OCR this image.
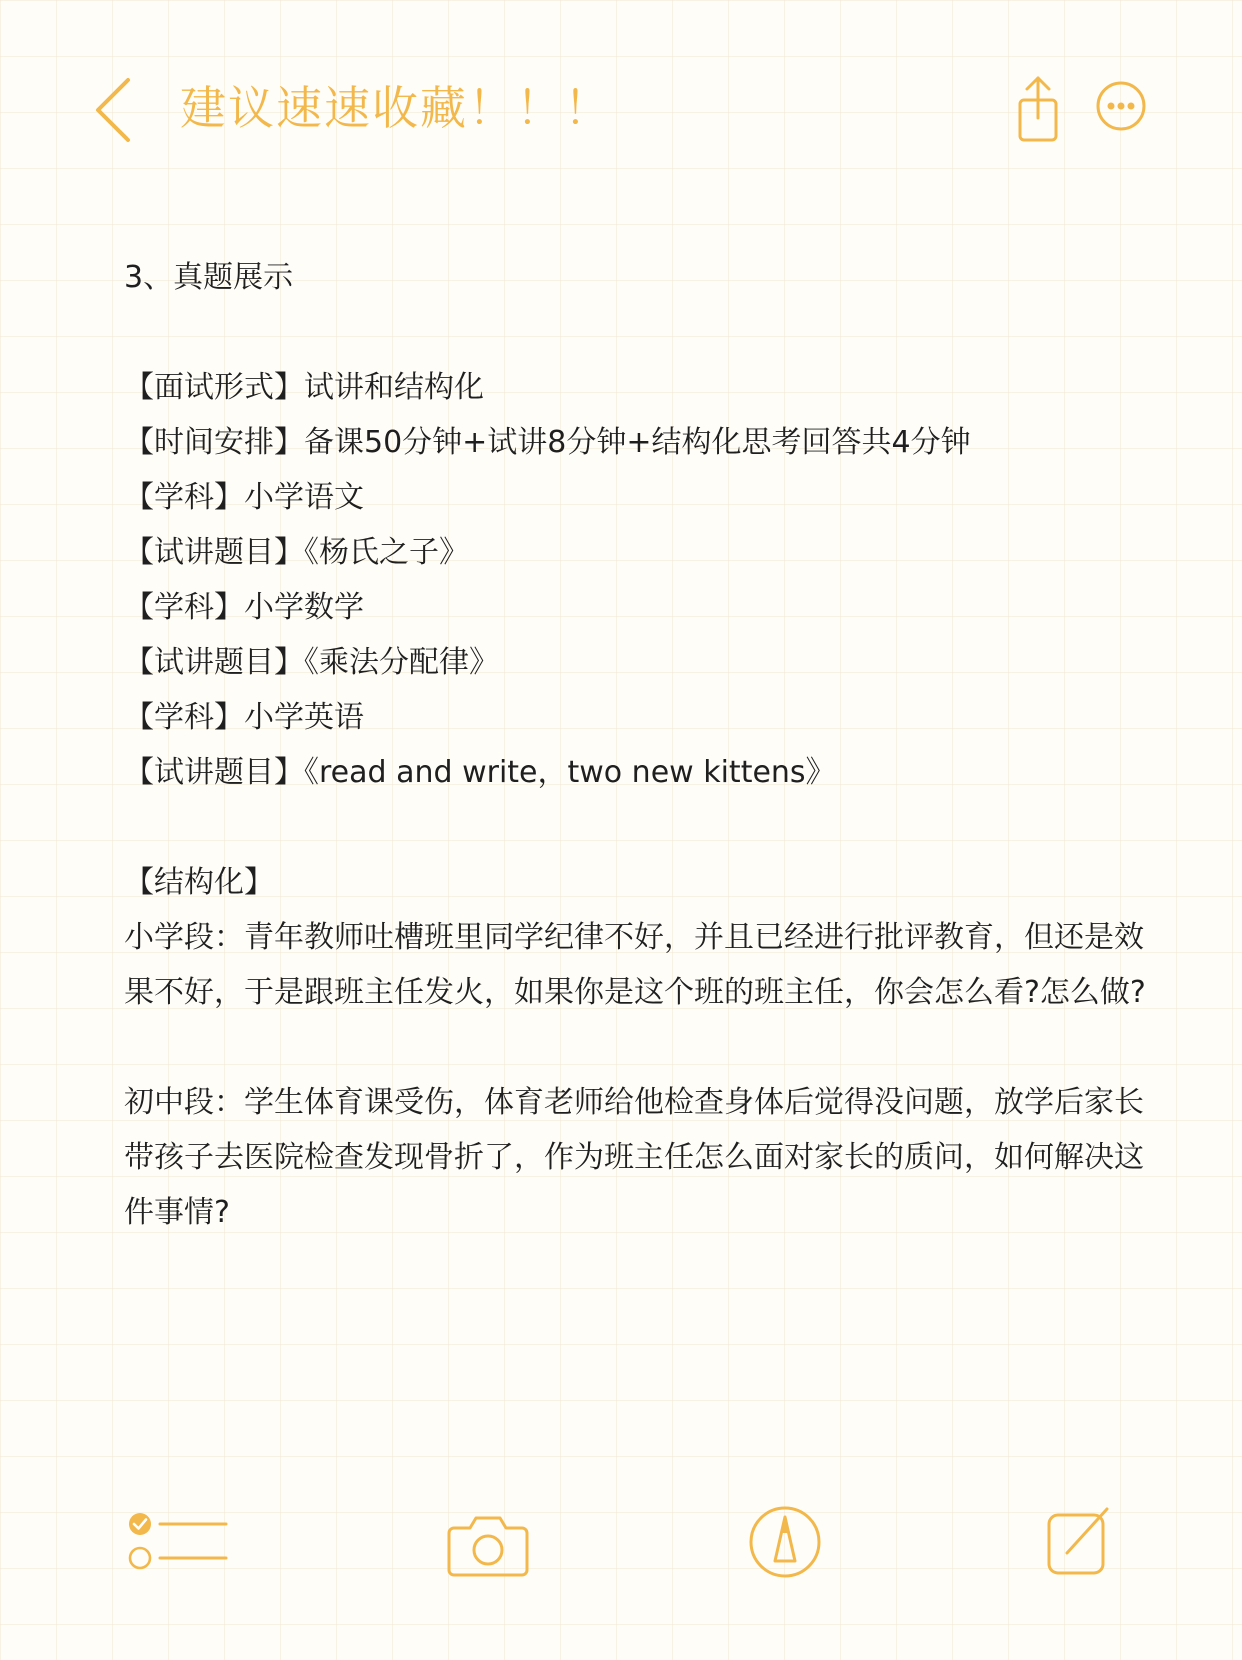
建议速速收藏！！！

3、真题展示

【面试形式】试讲和结构化

【时间安排】备课50分钟+试讲8分钟+结构化思考回答共4分钟

【学科】小学语文

【试讲题目】《杨氏之子》

【学科】小学数学

【试讲题目】《乘法分配律》

【学科】小学英语

【试讲题目】《read and write，two new kittens》

【结构化】

小学段：青年教师吐槽班里同学纪律不好，并且已经进行批评教育，但还是效果不好，于是跟班主任发火，如果你是这个班的班主任，你会怎么看?怎么做?

初中段：学生体育课受伤，体育老师给他检查身体后觉得没问题，放学后家长带孩子去医院检查发现骨折了，作为班主任怎么面对家长的质问，如何解决这件事情?
